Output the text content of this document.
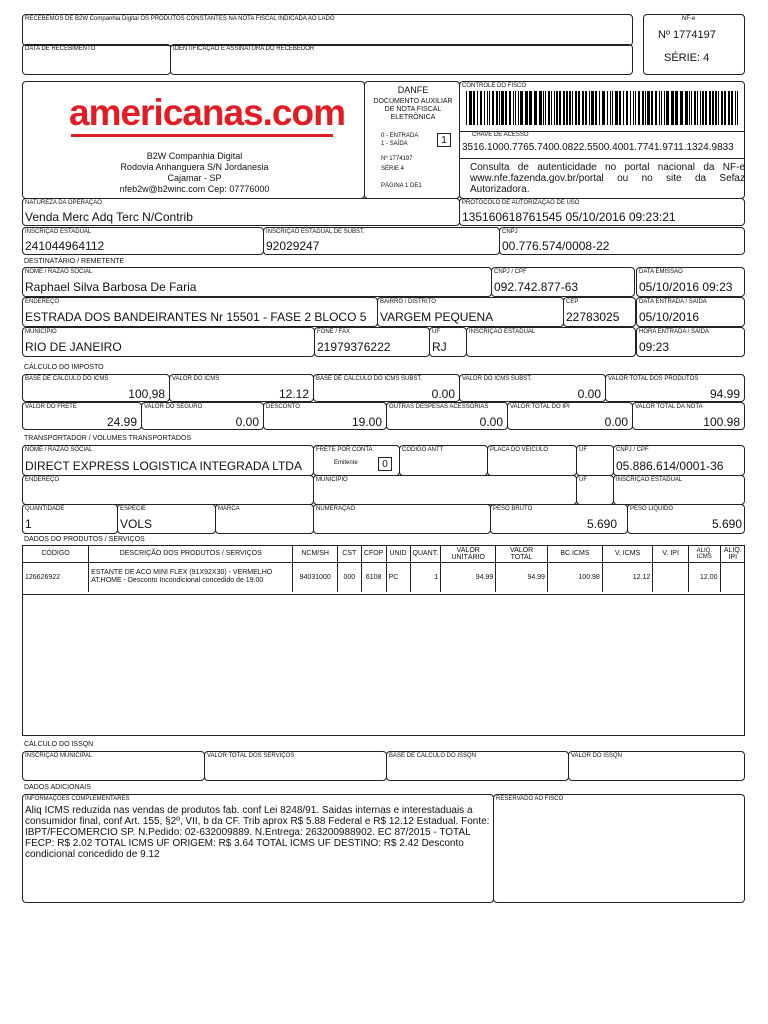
RECEBEMOS DE B2W Companhia Digital OS PRODUTOS CONSTANTES NA NOTA FISCAL INDICADA AO LADO
DATA DE RECEBIMENTO	IDENTIFICAÇÃO E ASSINATURA DO RECEBEDOR
NF-e
Nº 1774197
SÉRIE: 4
americanas.com
B2W Companhia Digital
Rodovia Anhanguera S/N Jordanesia
Cajamar - SP
nfeb2w@b2winc.com Cep: 07776000
DANFE
DOCUMENTO AUXILIAR
DE NOTA FISCAL
ELETRÔNICA
0 - ENTRADA
1 - SAÍDA	1
Nº 1774197
SÉRIE 4
PÁGINA 1 DE1
CONTROLE DO FISCO
CHAVE DE ACESSO
3516.1000.7765.7400.0822.5500.4001.7741.9711.1324.9833
Consulta de autenticidade no portal nacional da NF-e www.nfe.fazenda.gov.br/portal ou no site da Sefaz Autorizadora.
NATUREZA DA OPERAÇÃO
Venda Merc Adq Terc N/Contrib
PROTOCOLO DE AUTORIZAÇÃO DE USO
135160618761545 05/10/2016 09:23:21
INSCRIÇÃO ESTADUAL
241044964112
INSCRIÇÃO ESTADUAL DE SUBST.
92029247
CNPJ
00.776.574/0008-22
DESTINATÁRIO / REMETENTE
NOME / RAZÃO SOCIAL
Raphael Silva Barbosa De Faria
CNPJ / CPF
092.742.877-63
DATA EMISSÃO
05/10/2016 09:23
ENDEREÇO
ESTRADA DOS BANDEIRANTES Nr 15501 - FASE 2 BLOCO 5
BAIRRO / DISTRITO
VARGEM PEQUENA
CEP
22783025
DATA ENTRADA / SAÍDA
05/10/2016
MUNICÍPIO
RIO DE JANEIRO
FONE / FAX
21979376222
UF
RJ
INSCRIÇÃO ESTADUAL	HORA ENTRADA / SAÍDA
09:23
CÁLCULO DO IMPOSTO
BASE DE CÁLCULO DO ICMS
100,98
VALOR DO ICMS
12.12
BASE DE CÁLCULO DO ICMS SUBST.
0.00
VALOR DO ICMS SUBST.
0.00
VALOR TOTAL DOS PRODUTOS
94.99
VALOR DO FRETE
24.99
VALOR DO SEGURO
0.00
DESCONTO
19.00
OUTRAS DESPESAS ACESSÓRIAS
0.00
VALOR TOTAL DO IPI
0.00
VALOR TOTAL DA NOTA
100.98
TRANSPORTADOR / VOLUMES TRANSPORTADOS
NOME / RAZÃO SOCIAL
DIRECT EXPRESS LOGISTICA INTEGRADA LTDA
FRETE POR CONTA
Emitente	0
CÓDIGO ANTT	PLACA DO VEÍCULO	UF	CNPJ / CPF
05.886.614/0001-36
ENDEREÇO	MUNICÍPIO	UF	INSCRIÇÃO ESTADUAL
QUANTIDADE
1
ESPÉCIE
VOLS
MARCA	NUMERAÇÃO	PESO BRUTO
5.690
PESO LÍQUIDO
5.690
DADOS DO PRODUTOS / SERVIÇOS
CÓDIGO	DESCRIÇÃO DOS PRODUTOS / SERVIÇOS	NCM/SH	CST	CFOP	UNID	QUANT.	VALOR UNITÁRIO	VALOR TOTAL	BC.ICMS	V. ICMS	V. IPI	ALIQ. ICMS	ALIQ. IPI
126626922	ESTANTE DE ACO MINI FLEX (91X92X30) - VERMELHO AT.HOME - Desconto Incondicional concedido de 19.00	94031000	000	6108	PC	1	94.99	94.99	100.98	12.12		12.00	
CÁLCULO DO ISSQN
INSCRIÇÃO MUNICIPAL	VALOR TOTAL DOS SERVIÇOS	BASE DE CÁLCULO DO ISSQN	VALOR DO ISSQN
DADOS ADICIONAIS
INFORMAÇÕES COMPLEMENTARES
Aliq ICMS reduzida nas vendas de produtos fab. conf Lei 8248/91. Saidas internas e interestaduais a consumidor final, conf Art. 155, §2º, VII, b da CF. Trib aprox R$ 5.88 Federal e R$ 12.12 Estadual. Fonte: IBPT/FECOMERCIO SP. N.Pedido: 02-632009889. N.Entrega: 263200988902. EC 87/2015 - TOTAL FECP: R$ 2.02 TOTAL ICMS UF ORIGEM: R$ 3.64 TOTAL ICMS UF DESTINO: R$ 2.42 Desconto condicional concedido de 9.12
RESERVADO AO FISCO
